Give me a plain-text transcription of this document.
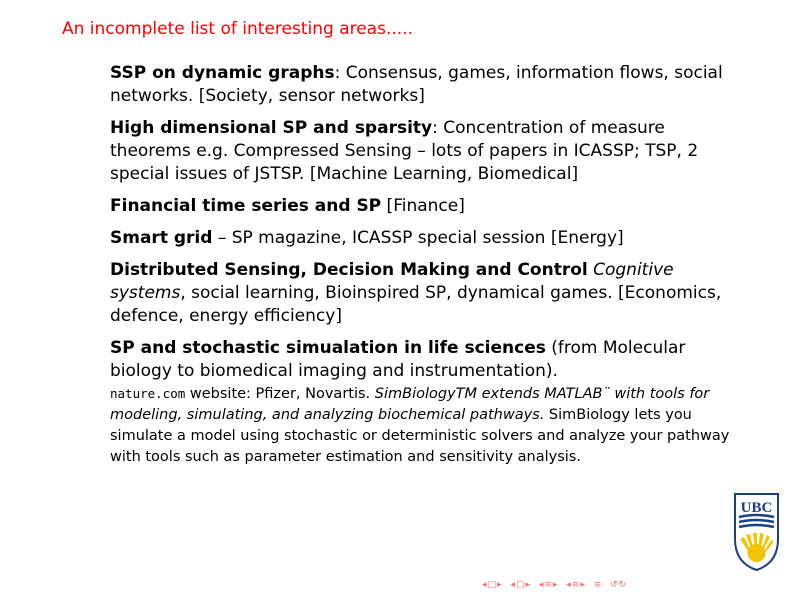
An incomplete list of interesting areas.....
SSP on dynamic graphs: Consensus, games, information flows, social networks. [Society, sensor networks]
High dimensional SP and sparsity: Concentration of measure theorems e.g. Compressed Sensing – lots of papers in ICASSP; TSP, 2 special issues of JSTSP. [Machine Learning, Biomedical]
Financial time series and SP [Finance]
Smart grid – SP magazine, ICASSP special session [Energy]
Distributed Sensing, Decision Making and Control Cognitive systems, social learning, Bioinspired SP, dynamical games. [Economics, defence, energy efficiency]
SP and stochastic simualation in life sciences (from Molecular biology to biomedical imaging and instrumentation).
nature.com website: Pfizer, Novartis. SimBiologyTM extends MATLAB¨ with tools for modeling, simulating, and analyzing biochemical pathways. SimBiology lets you simulate a model using stochastic or deterministic solvers and analyze your pathway with tools such as parameter estimation and sensitivity analysis.
UBC
◂□▸ ◂▢▸ ◂≡▸ ◂≡▸ ≡ ↺↻
